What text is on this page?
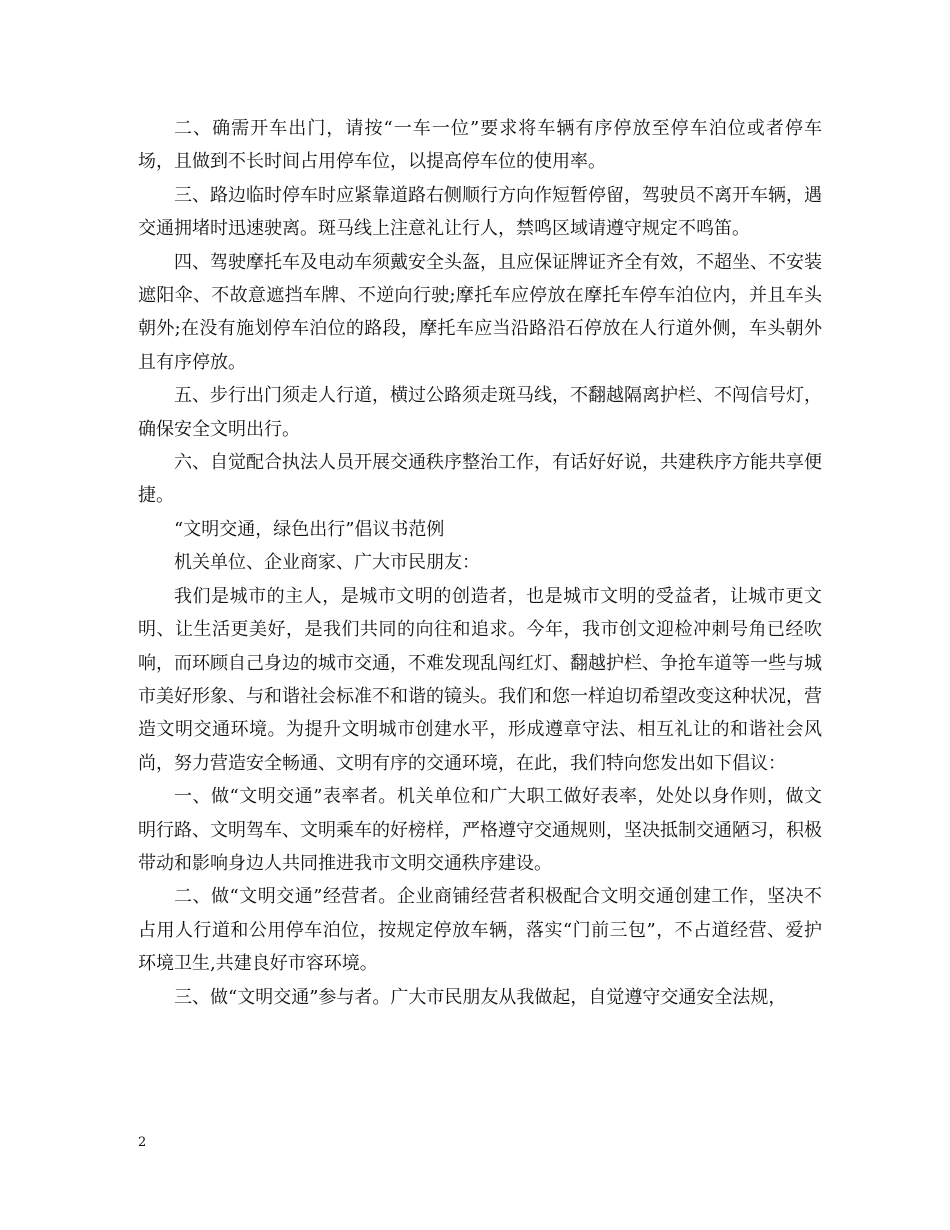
二、确需开车出门，请按“一车一位”要求将车辆有序停放至停车泊位或者停车场，且做到不长时间占用停车位，以提高停车位的使用率。

三、路边临时停车时应紧靠道路右侧顺行方向作短暂停留，驾驶员不离开车辆，遇交通拥堵时迅速驶离。斑马线上注意礼让行人，禁鸣区域请遵守规定不鸣笛。

四、驾驶摩托车及电动车须戴安全头盔，且应保证牌证齐全有效，不超坐、不安装遮阳伞、不故意遮挡车牌、不逆向行驶;摩托车应停放在摩托车停车泊位内，并且车头朝外;在没有施划停车泊位的路段，摩托车应当沿路沿石停放在人行道外侧，车头朝外且有序停放。

五、步行出门须走人行道，横过公路须走斑马线，不翻越隔离护栏、不闯信号灯，确保安全文明出行。

六、自觉配合执法人员开展交通秩序整治工作，有话好好说，共建秩序方能共享便捷。

“文明交通，绿色出行”倡议书范例

机关单位、企业商家、广大市民朋友：

我们是城市的主人，是城市文明的创造者，也是城市文明的受益者，让城市更文明、让生活更美好，是我们共同的向往和追求。今年，我市创文迎检冲刺号角已经吹响，而环顾自己身边的城市交通，不难发现乱闯红灯、翻越护栏、争抢车道等一些与城市美好形象、与和谐社会标准不和谐的镜头。我们和您一样迫切希望改变这种状况，营造文明交通环境。为提升文明城市创建水平，形成遵章守法、相互礼让的和谐社会风尚，努力营造安全畅通、文明有序的交通环境，在此，我们特向您发出如下倡议：

一、做“文明交通”表率者。机关单位和广大职工做好表率，处处以身作则，做文明行路、文明驾车、文明乘车的好榜样，严格遵守交通规则，坚决抵制交通陋习，积极带动和影响身边人共同推进我市文明交通秩序建设。

二、做“文明交通”经营者。企业商铺经营者积极配合文明交通创建工作，坚决不占用人行道和公用停车泊位，按规定停放车辆，落实“门前三包”，不占道经营、爱护环境卫生,共建良好市容环境。

三、做“文明交通”参与者。广大市民朋友从我做起，自觉遵守交通安全法规，

2
